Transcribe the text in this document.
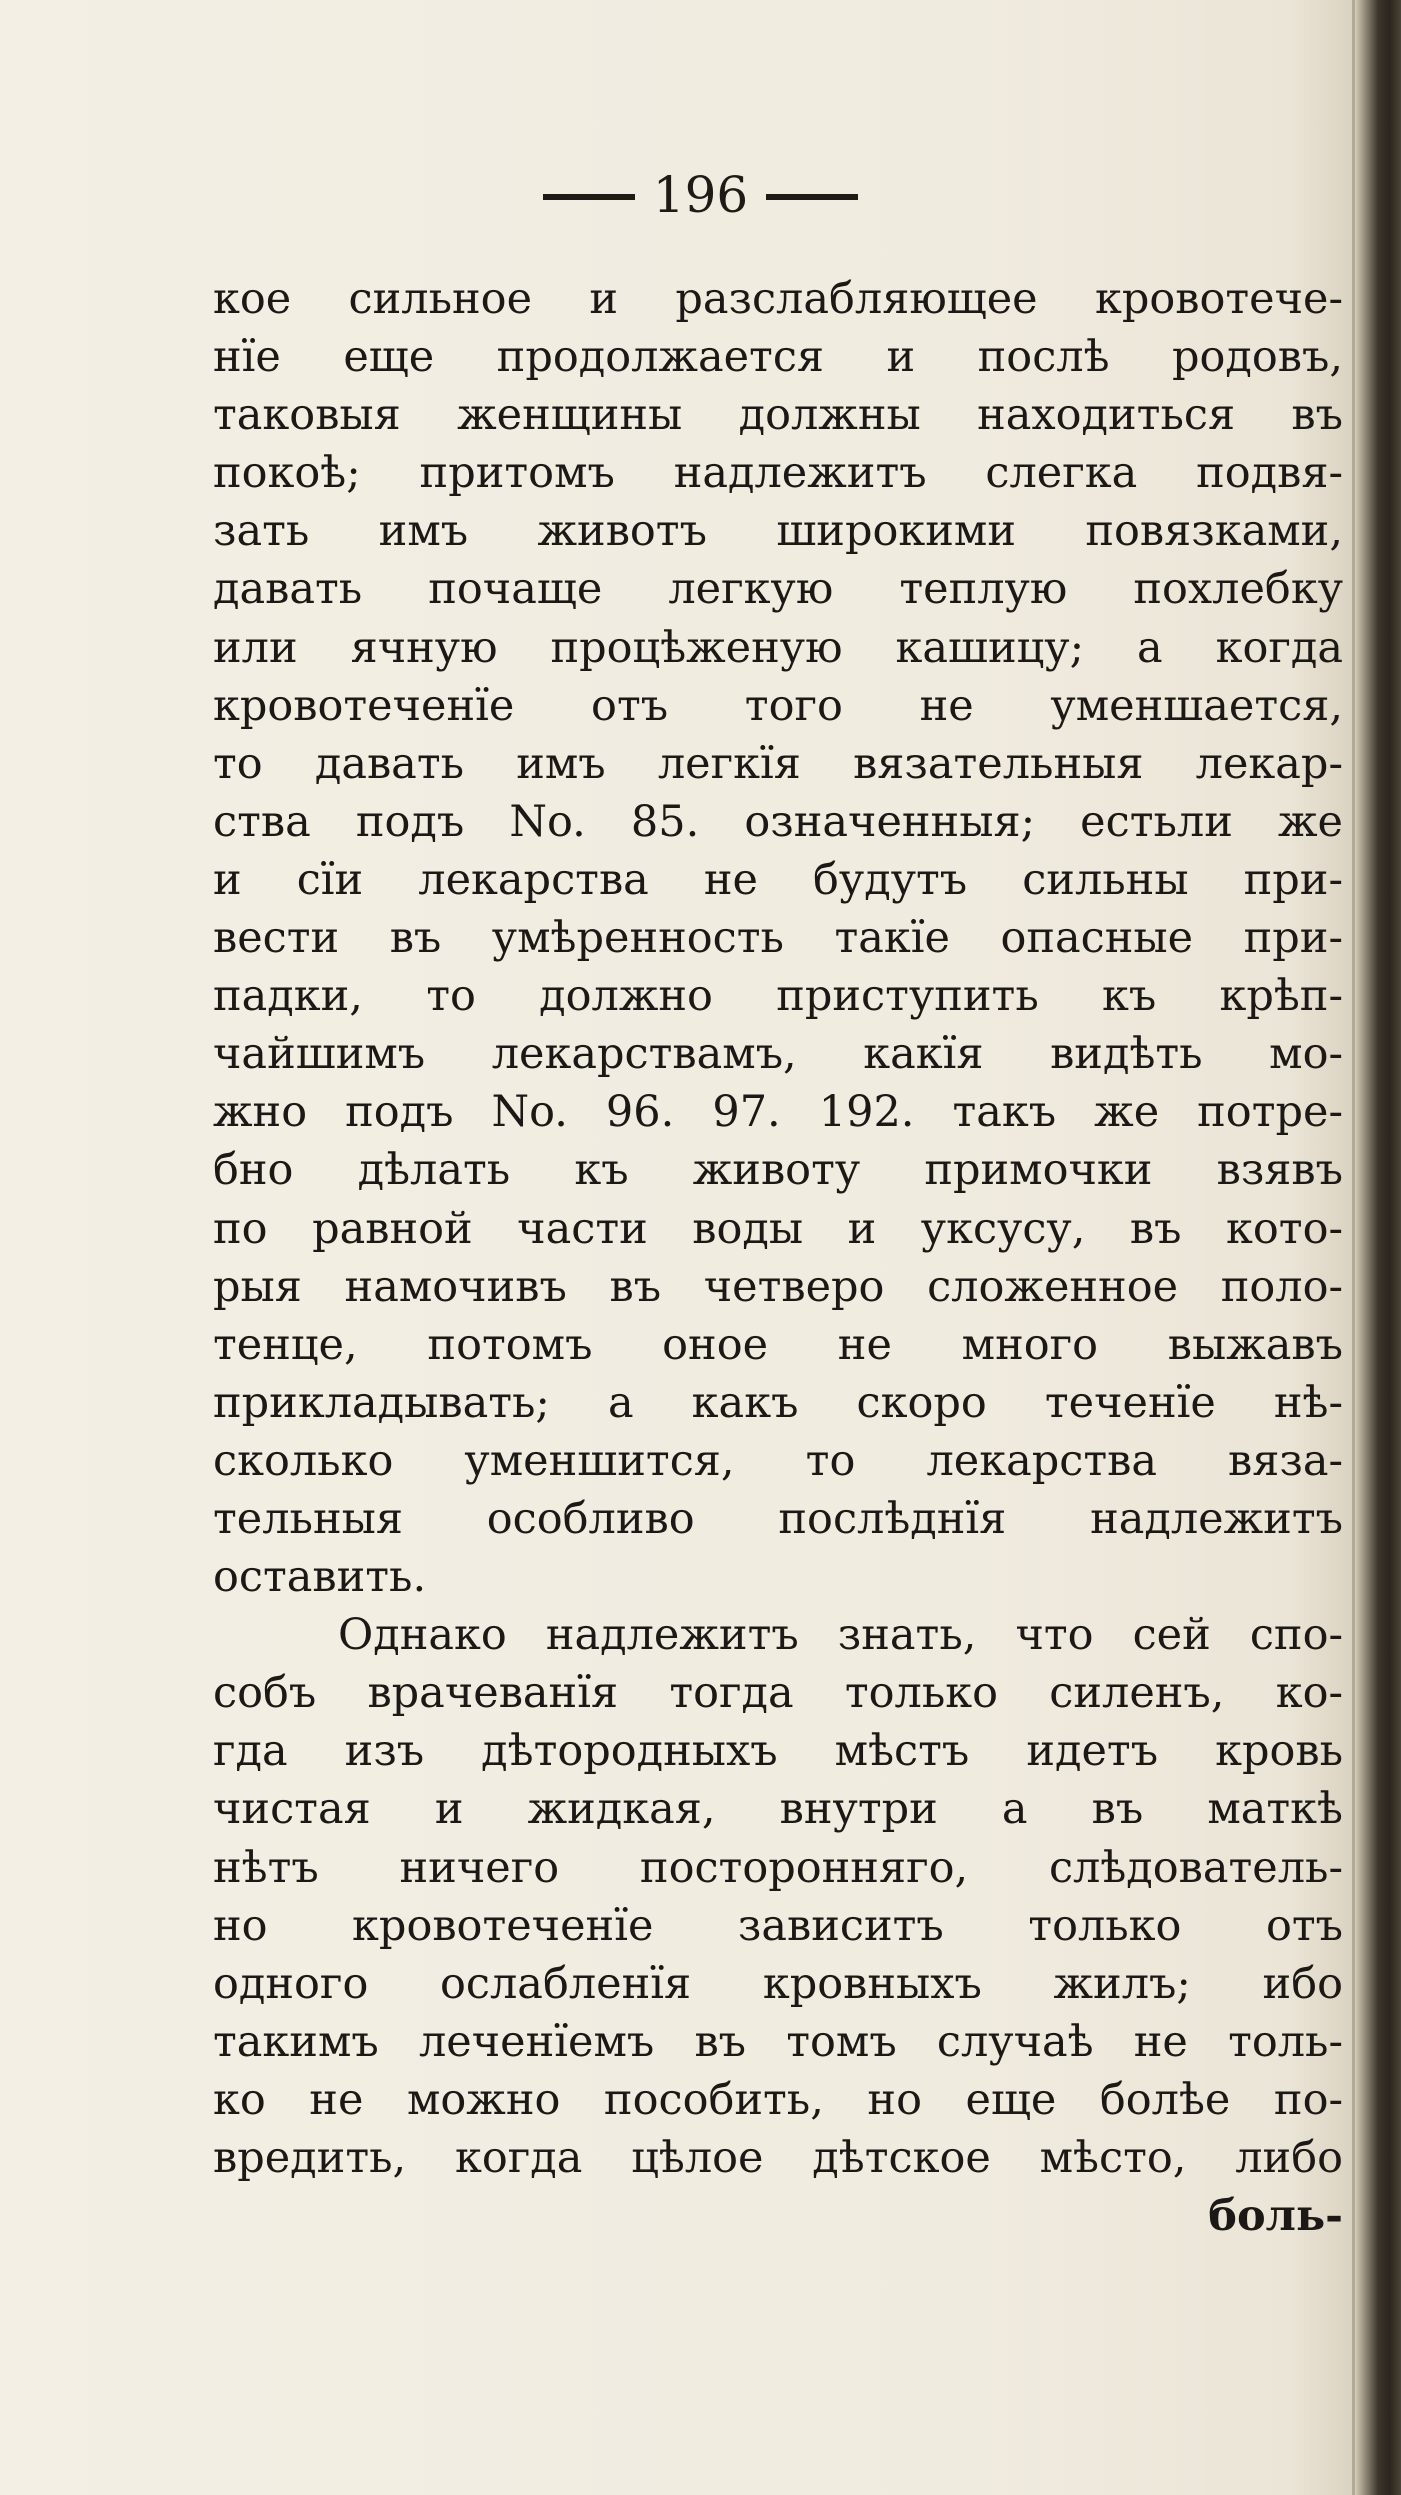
196
кое сильное и разслабляющее кровотече-
нїе еще продолжается и послѣ родовъ,
таковыя женщины должны находиться въ
покоѣ; притомъ надлежитъ слегка подвя-
зать имъ животъ широкими повязками,
давать почаще легкую теплую похлебку
или ячную процѣженую кашицу; а когда
кровотеченїе отъ того не уменшается,
то давать имъ легкїя вязательныя лекар-
ства подъ No. 85. означенныя; естьли же
и сїи лекарства не будутъ сильны при-
вести въ умѣренность такїе опасные при-
падки, то должно приступить къ крѣп-
чайшимъ лекарствамъ, какїя видѣть мо-
жно подъ No. 96. 97. 192. такъ же потре-
бно дѣлать къ животу примочки взявъ
по равной части воды и уксусу, въ кото-
рыя намочивъ въ четверо сложенное поло-
тенце, потомъ оное не много выжавъ
прикладывать; а какъ скоро теченїе нѣ-
сколько уменшится, то лекарства вяза-
тельныя особливо послѣднїя надлежитъ
оставить.
Однако надлежитъ знать, что сей спо-
собъ врачеванїя тогда только силенъ, ко-
гда изъ дѣтородныхъ мѣстъ идетъ кровь
чистая и жидкая, внутри а въ маткѣ
нѣтъ ничего посторонняго, слѣдователь-
но кровотеченїе зависитъ только отъ
одного ослабленїя кровныхъ жилъ; ибо
такимъ леченїемъ въ томъ случаѣ не толь-
ко не можно пособить, но еще болѣе по-
вредить, когда цѣлое дѣтское мѣсто, либо
боль-
